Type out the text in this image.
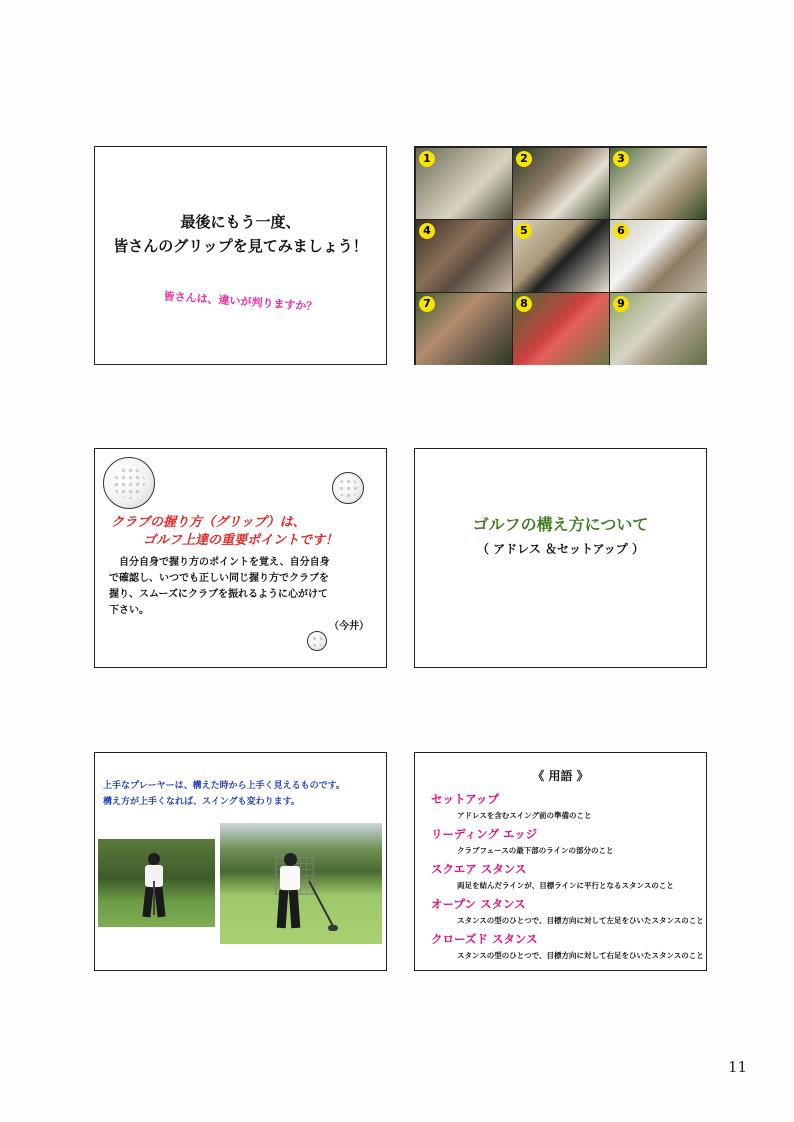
最後にもう一度、
皆さんのグリップを見てみましょう！
皆さんは、違いが判りますか？
1	2	3
4	5	6
7	8	9
クラブの握り方（グリップ）は、
ゴルフ上達の重要ポイントです！
自分自身で握り方のポイントを覚え、自分自身
で確認し、いつでも正しい同じ握り方でクラブを
握り、スムーズにクラブを振れるように心がけて
下さい。
（今井）
ゴルフの構え方について
（ アドレス ＆セットアップ ）
上手なプレーヤーは、構えた時から上手く見えるものです。
構え方が上手くなれば、スイングも変わります。
《 用語 》
セットアップ
アドレスを含むスイング前の準備のこと
リーディング エッジ
クラブフェースの最下部のラインの部分のこと
スクエア スタンス
両足を結んだラインが、目標ラインに平行となるスタンスのこと
オープン スタンス
スタンスの型のひとつで、目標方向に対して左足をひいたスタンスのこと
クローズド スタンス
スタンスの型のひとつで、目標方向に対して右足をひいたスタンスのこと
11
